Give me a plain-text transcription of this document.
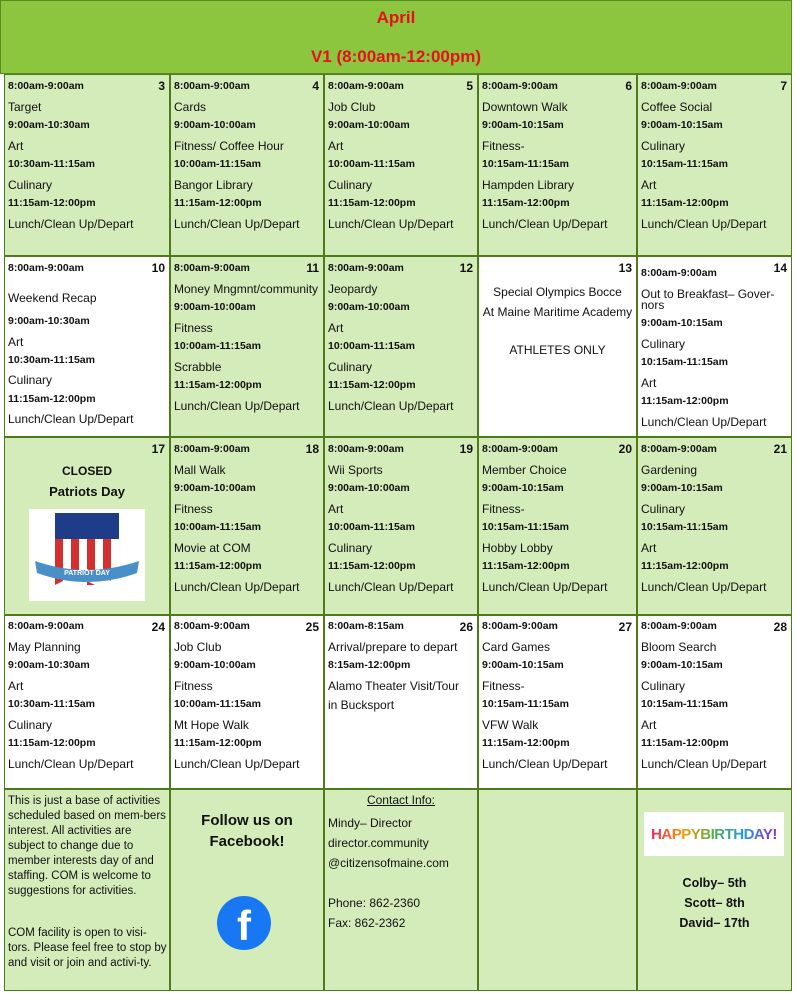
April
V1 (8:00am-12:00pm)
3
8:00am-9:00am
Target
9:00am-10:30am
Art
10:30am-11:15am
Culinary
11:15am-12:00pm
Lunch/Clean Up/Depart
4
8:00am-9:00am
Cards
9:00am-10:00am
Fitness/ Coffee Hour
10:00am-11:15am
Bangor Library
11:15am-12:00pm
Lunch/Clean Up/Depart
5
8:00am-9:00am
Job Club
9:00am-10:00am
Art
10:00am-11:15am
Culinary
11:15am-12:00pm
Lunch/Clean Up/Depart
6
8:00am-9:00am
Downtown Walk
9:00am-10:15am
Fitness-
10:15am-11:15am
Hampden Library
11:15am-12:00pm
Lunch/Clean Up/Depart
7
8:00am-9:00am
Coffee Social
9:00am-10:15am
Culinary
10:15am-11:15am
Art
11:15am-12:00pm
Lunch/Clean Up/Depart
10
8:00am-9:00am
Weekend Recap
9:00am-10:30am
Art
10:30am-11:15am
Culinary
11:15am-12:00pm
Lunch/Clean Up/Depart
11
8:00am-9:00am
Money Mngmnt/community
9:00am-10:00am
Fitness
10:00am-11:15am
Scrabble
11:15am-12:00pm
Lunch/Clean Up/Depart
12
8:00am-9:00am
Jeopardy
9:00am-10:00am
Art
10:00am-11:15am
Culinary
11:15am-12:00pm
Lunch/Clean Up/Depart
13
Special Olympics Bocce
At Maine Maritime Academy
ATHLETES ONLY
14
8:00am-9:00am
Out to Breakfast– Gover-
nors
9:00am-10:15am
Culinary
10:15am-11:15am
Art
11:15am-12:00pm
Lunch/Clean Up/Depart
17
CLOSED
Patriots Day
PATRIOT DAY
18
8:00am-9:00am
Mall Walk
9:00am-10:00am
Fitness
10:00am-11:15am
Movie at COM
11:15am-12:00pm
Lunch/Clean Up/Depart
19
8:00am-9:00am
Wii Sports
9:00am-10:00am
Art
10:00am-11:15am
Culinary
11:15am-12:00pm
Lunch/Clean Up/Depart
20
8:00am-9:00am
Member Choice
9:00am-10:15am
Fitness-
10:15am-11:15am
Hobby Lobby
11:15am-12:00pm
Lunch/Clean Up/Depart
21
8:00am-9:00am
Gardening
9:00am-10:15am
Culinary
10:15am-11:15am
Art
11:15am-12:00pm
Lunch/Clean Up/Depart
24
8:00am-9:00am
May Planning
9:00am-10:30am
Art
10:30am-11:15am
Culinary
11:15am-12:00pm
Lunch/Clean Up/Depart
25
8:00am-9:00am
Job Club
9:00am-10:00am
Fitness
10:00am-11:15am
Mt Hope Walk
11:15am-12:00pm
Lunch/Clean Up/Depart
26
8:00am-8:15am
Arrival/prepare to depart
8:15am-12:00pm
Alamo Theater Visit/Tour
in Bucksport
27
8:00am-9:00am
Card Games
9:00am-10:15am
Fitness-
10:15am-11:15am
VFW Walk
11:15am-12:00pm
Lunch/Clean Up/Depart
28
8:00am-9:00am
Bloom Search
9:00am-10:15am
Culinary
10:15am-11:15am
Art
11:15am-12:00pm
Lunch/Clean Up/Depart
This is just a base of activities scheduled based on mem-bers interest. All activities are subject to change due to member interests day of and staffing. COM is welcome to suggestions for activities.
COM facility is open to visi-tors. Please feel free to stop by and visit or join and activi-ty.
Follow us on
Facebook!
f
Contact Info:
Mindy– Director
director.community
@citizensofmaine.com
Phone: 862-2360
Fax: 862-2362
HAPPYBIRTHDAY!
Colby– 5th
Scott– 8th
David– 17th
